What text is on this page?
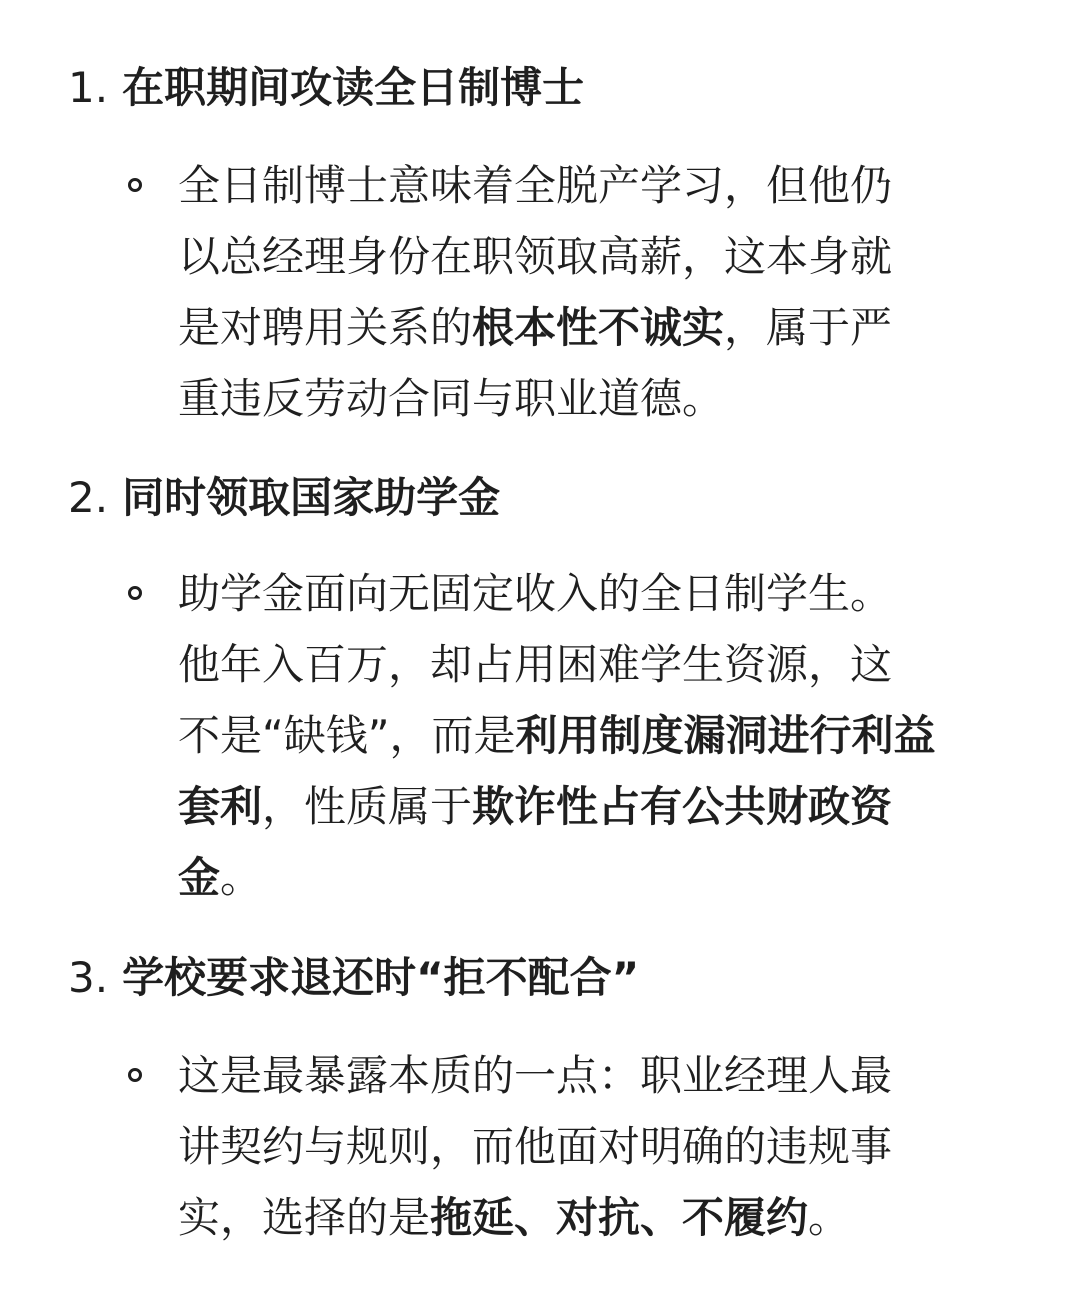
1. 在职期间攻读全日制博士
全日制博士意味着全脱产学习，但他仍
以总经理身份在职领取高薪，这本身就
是对聘用关系的根本性不诚实，属于严
重违反劳动合同与职业道德。
2. 同时领取国家助学金
助学金面向无固定收入的全日制学生。
他年入百万，却占用困难学生资源，这
不是“缺钱”，而是利用制度漏洞进行利益
套利，性质属于欺诈性占有公共财政资
金。
3. 学校要求退还时“拒不配合”
这是最暴露本质的一点：职业经理人最
讲契约与规则，而他面对明确的违规事
实，选择的是拖延、对抗、不履约。
